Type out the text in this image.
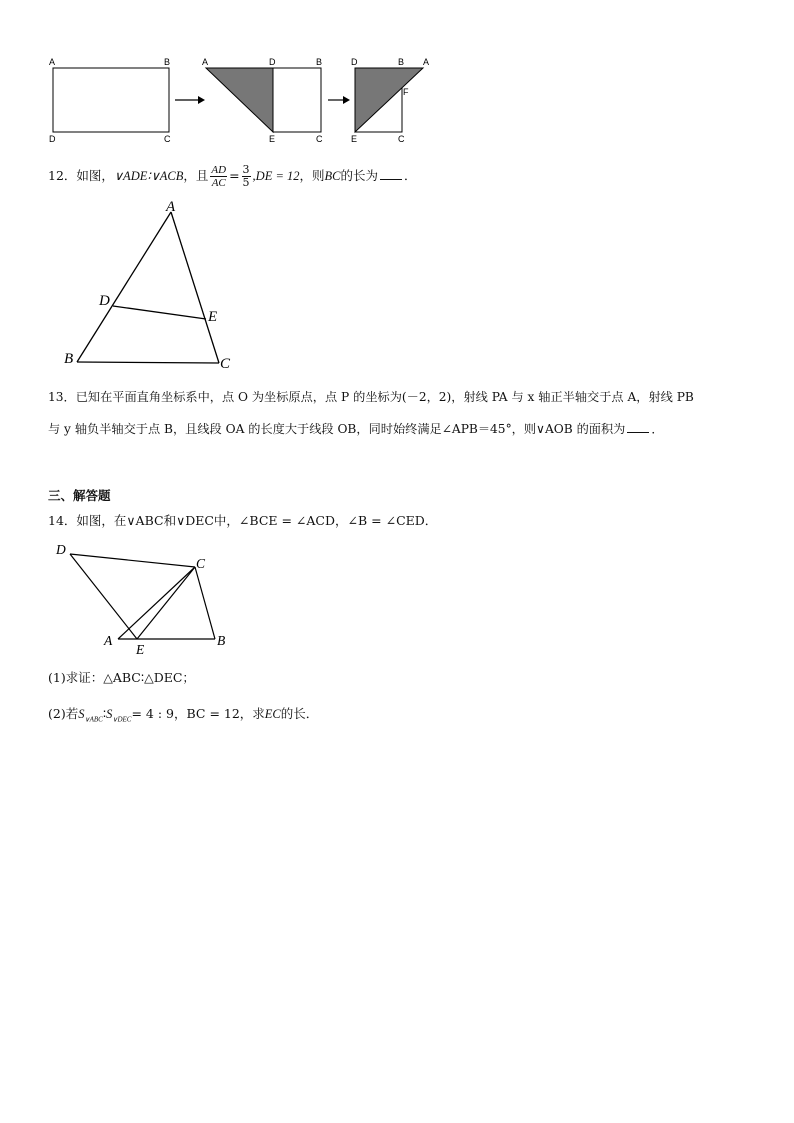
A	B
C
D
A	D	B
E	C
D	B A
F
E	C
12．如图，∨ADE∶∨ACB，且 $\frac{AD}{AC} = \frac{3}{5} ,DE = 12$，则BC的长为 ．
A
D
E
B	C
13．已知在平面直角坐标系中，点 O 为坐标原点，点 P 的坐标为(－2，2)，射线 PA 与 x 轴正半轴交于点 A，射线 PB
与 y 轴负半轴交于点 B，且线段 OA 的长度大于线段 OB，同时始终满足∠APB＝45°，则∨AOB 的面积为 ．
三、解答题
14．如图，在∨ABC和∨DEC中，∠BCE = ∠ACD，∠B = ∠CED．
D
C
A
E
B
(1)求证：△ABC∶△DEC；
(2)若$S_{\vee ABC}∶S_{\vee DEC}= 4$ : 9，BC = 12，求EC的长．
